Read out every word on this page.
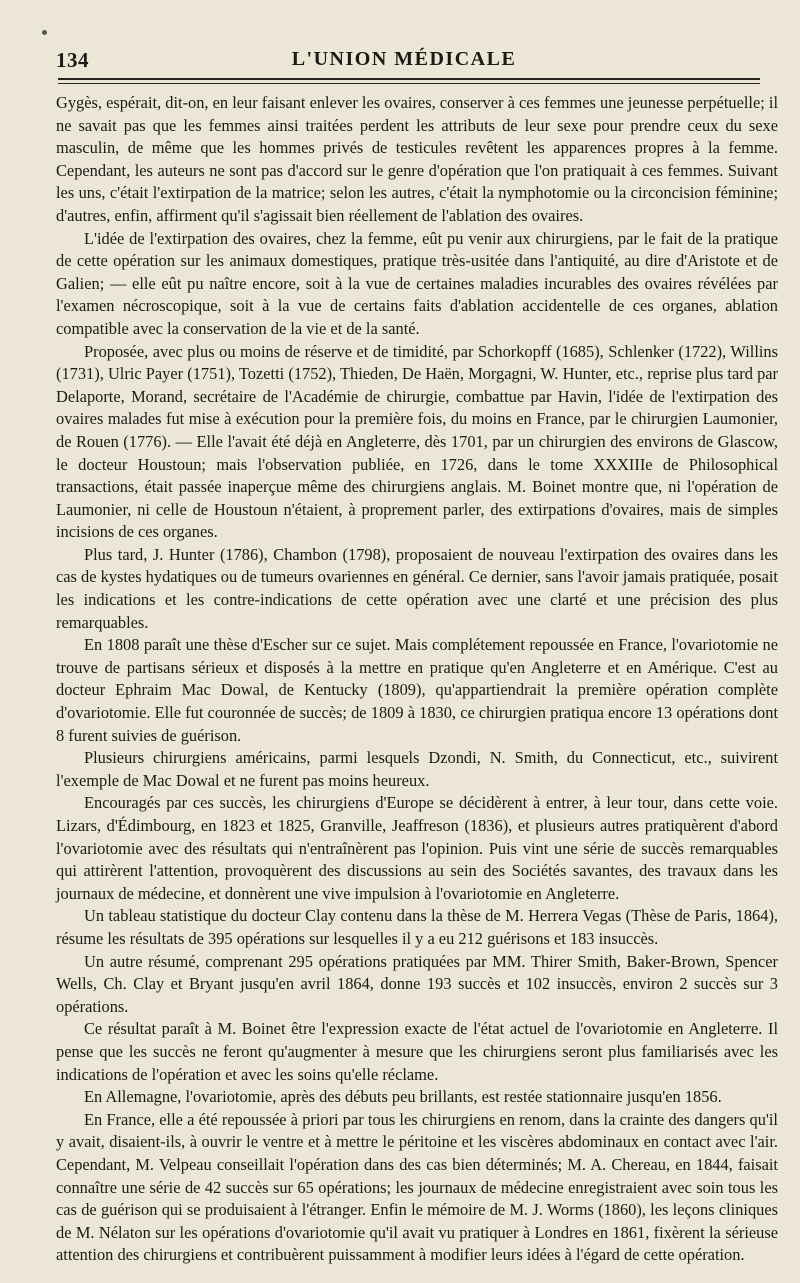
134	L'UNION MÉDICALE

Gygès, espérait, dit-on, en leur faisant enlever les ovaires, conserver à ces femmes une jeunesse perpétuelle; il ne savait pas que les femmes ainsi traitées perdent les attributs de leur sexe pour prendre ceux du sexe masculin, de même que les hommes privés de testicules revêtent les apparences propres à la femme. Cependant, les auteurs ne sont pas d'accord sur le genre d'opération que l'on pratiquait à ces femmes. Suivant les uns, c'était l'extirpation de la matrice; selon les autres, c'était la nymphotomie ou la circoncision féminine; d'autres, enfin, affirment qu'il s'agissait bien réellement de l'ablation des ovaires.

L'idée de l'extirpation des ovaires, chez la femme, eût pu venir aux chirurgiens, par le fait de la pratique de cette opération sur les animaux domestiques, pratique très-usitée dans l'antiquité, au dire d'Aristote et de Galien; — elle eût pu naître encore, soit à la vue de certaines maladies incurables des ovaires révélées par l'examen nécroscopique, soit à la vue de certains faits d'ablation accidentelle de ces organes, ablation compatible avec la conservation de la vie et de la santé.

Proposée, avec plus ou moins de réserve et de timidité, par Schorkopff (1685), Schlenker (1722), Willins (1731), Ulric Payer (1751), Tozetti (1752), Thieden, De Haën, Morgagni, W. Hunter, etc., reprise plus tard par Delaporte, Morand, secrétaire de l'Académie de chirurgie, combattue par Havin, l'idée de l'extirpation des ovaires malades fut mise à exécution pour la première fois, du moins en France, par le chirurgien Laumonier, de Rouen (1776). — Elle l'avait été déjà en Angleterre, dès 1701, par un chirurgien des environs de Glascow, le docteur Houstoun; mais l'observation publiée, en 1726, dans le tome XXXIIIe de Philosophical transactions, était passée inaperçue même des chirurgiens anglais. M. Boinet montre que, ni l'opération de Laumonier, ni celle de Houstoun n'étaient, à proprement parler, des extirpations d'ovaires, mais de simples incisions de ces organes.

Plus tard, J. Hunter (1786), Chambon (1798), proposaient de nouveau l'extirpation des ovaires dans les cas de kystes hydatiques ou de tumeurs ovariennes en général. Ce dernier, sans l'avoir jamais pratiquée, posait les indications et les contre-indications de cette opération avec une clarté et une précision des plus remarquables.

En 1808 paraît une thèse d'Escher sur ce sujet. Mais complétement repoussée en France, l'ovariotomie ne trouve de partisans sérieux et disposés à la mettre en pratique qu'en Angleterre et en Amérique. C'est au docteur Ephraim Mac Dowal, de Kentucky (1809), qu'appartiendrait la première opération complète d'ovariotomie. Elle fut couronnée de succès; de 1809 à 1830, ce chirurgien pratiqua encore 13 opérations dont 8 furent suivies de guérison.

Plusieurs chirurgiens américains, parmi lesquels Dzondi, N. Smith, du Connecticut, etc., suivirent l'exemple de Mac Dowal et ne furent pas moins heureux.

Encouragés par ces succès, les chirurgiens d'Europe se décidèrent à entrer, à leur tour, dans cette voie. Lizars, d'Édimbourg, en 1823 et 1825, Granville, Jeaffreson (1836), et plusieurs autres pratiquèrent d'abord l'ovariotomie avec des résultats qui n'entraînèrent pas l'opinion. Puis vint une série de succès remarquables qui attirèrent l'attention, provoquèrent des discussions au sein des Sociétés savantes, des travaux dans les journaux de médecine, et donnèrent une vive impulsion à l'ovariotomie en Angleterre.

Un tableau statistique du docteur Clay contenu dans la thèse de M. Herrera Vegas (Thèse de Paris, 1864), résume les résultats de 395 opérations sur lesquelles il y a eu 212 guérisons et 183 insuccès.

Un autre résumé, comprenant 295 opérations pratiquées par MM. Thirer Smith, Baker-Brown, Spencer Wells, Ch. Clay et Bryant jusqu'en avril 1864, donne 193 succès et 102 insuccès, environ 2 succès sur 3 opérations.

Ce résultat paraît à M. Boinet être l'expression exacte de l'état actuel de l'ovariotomie en Angleterre. Il pense que les succès ne feront qu'augmenter à mesure que les chirurgiens seront plus familiarisés avec les indications de l'opération et avec les soins qu'elle réclame.

En Allemagne, l'ovariotomie, après des débuts peu brillants, est restée stationnaire jusqu'en 1856.

En France, elle a été repoussée à priori par tous les chirurgiens en renom, dans la crainte des dangers qu'il y avait, disaient-ils, à ouvrir le ventre et à mettre le péritoine et les viscères abdominaux en contact avec l'air. Cependant, M. Velpeau conseillait l'opération dans des cas bien déterminés; M. A. Chereau, en 1844, faisait connaître une série de 42 succès sur 65 opérations; les journaux de médecine enregistraient avec soin tous les cas de guérison qui se produisaient à l'étranger. Enfin le mémoire de M. J. Worms (1860), les leçons cliniques de M. Nélaton sur les opérations d'ovariotomie qu'il avait vu pratiquer à Londres en 1861, fixèrent la sérieuse attention des chirurgiens et contribuèrent puissamment à modifier leurs idées à l'égard de cette opération.
